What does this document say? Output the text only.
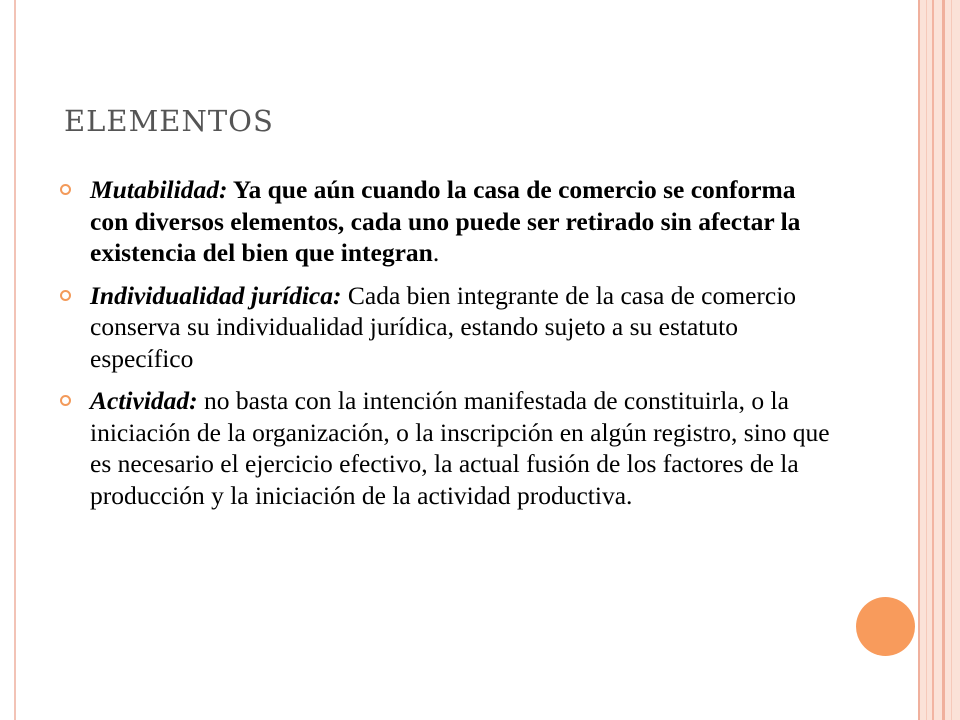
ELEMENTOS
Mutabilidad: Ya que aún cuando la casa de comercio se conforma con diversos elementos, cada uno puede ser retirado sin afectar la existencia del bien que integran.
Individualidad jurídica: Cada bien integrante de la casa de comercio conserva su individualidad jurídica, estando sujeto a su estatuto específico
Actividad: no basta con la intención manifestada de constituirla, o la iniciación de la organización, o la inscripción en algún registro, sino que es necesario el ejercicio efectivo, la actual fusión de los factores de la producción y la iniciación de la actividad productiva.
